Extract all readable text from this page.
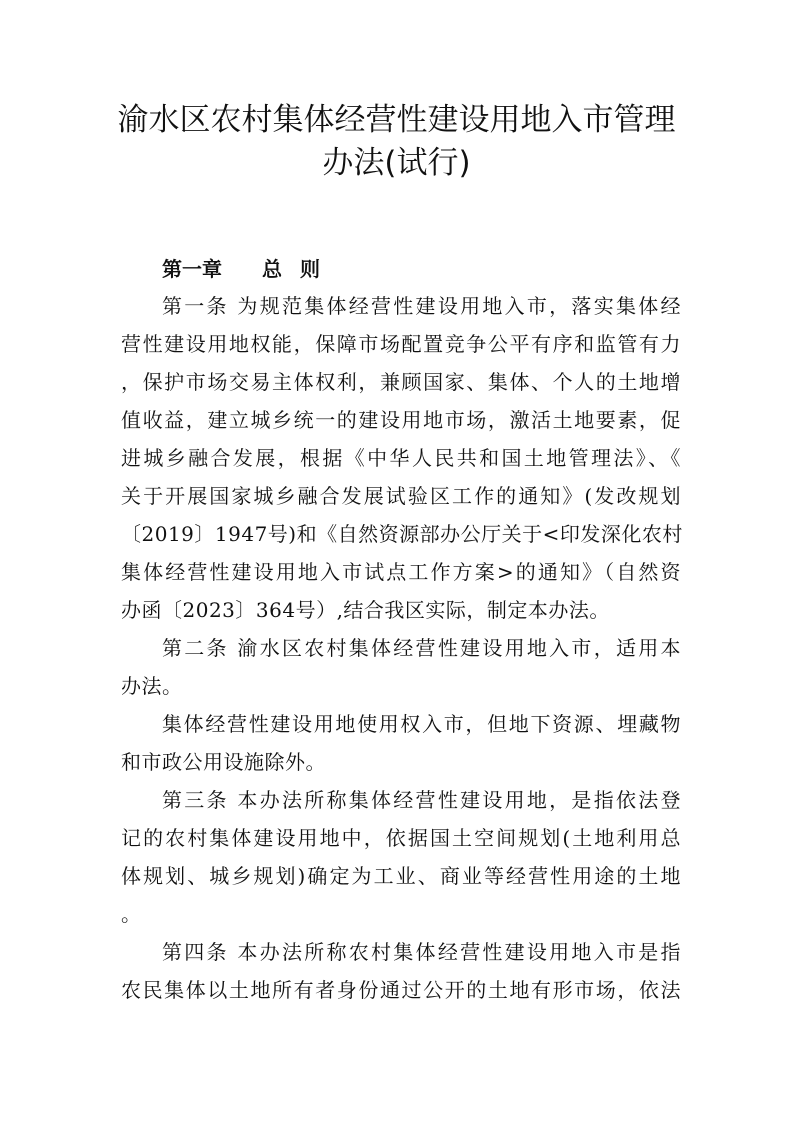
渝水区农村集体经营性建设用地入市管理
办法(试行)
第一章 总则
第一条 为规范集体经营性建设用地入市，落实集体经
营性建设用地权能，保障市场配置竞争公平有序和监管有力
，保护市场交易主体权利，兼顾国家、集体、个人的土地增
值收益，建立城乡统一的建设用地市场，激活土地要素，促
进城乡融合发展，根据《中华人民共和国土地管理法》、《
关于开展国家城乡融合发展试验区工作的通知》(发改规划
〔2019〕1947号)和《自然资源部办公厅关于<印发深化农村
集体经营性建设用地入市试点工作方案>的通知》（自然资
办函〔2023〕364号）,结合我区实际，制定本办法。
第二条 渝水区农村集体经营性建设用地入市，适用本
办法。
集体经营性建设用地使用权入市，但地下资源、埋藏物
和市政公用设施除外。
第三条 本办法所称集体经营性建设用地，是指依法登
记的农村集体建设用地中，依据国土空间规划(土地利用总
体规划、城乡规划)确定为工业、商业等经营性用途的土地
。
第四条 本办法所称农村集体经营性建设用地入市是指
农民集体以土地所有者身份通过公开的土地有形市场，依法
